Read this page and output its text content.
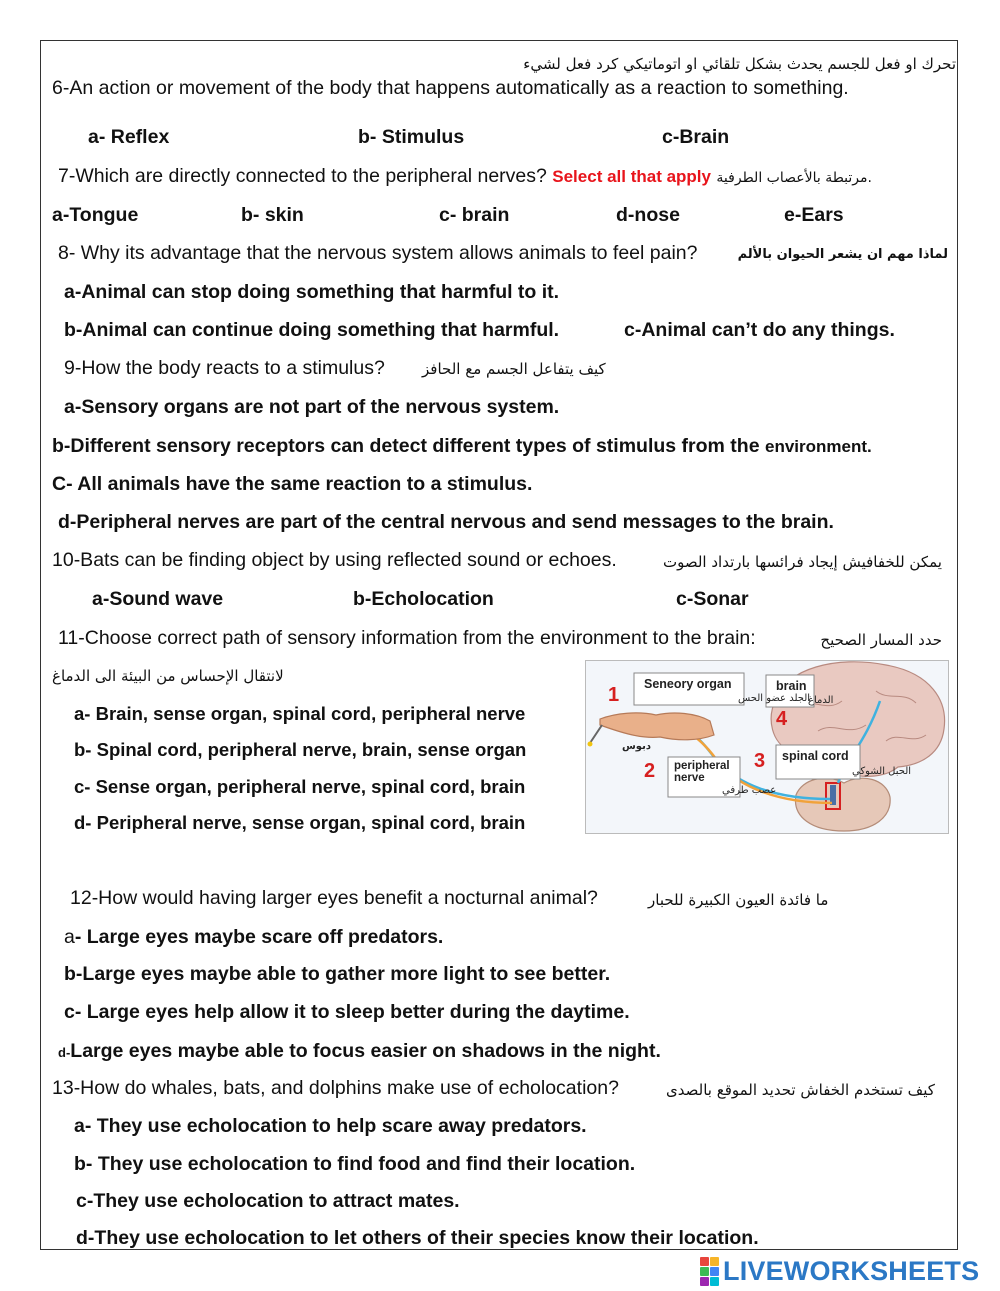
تحرك او فعل للجسم يحدث بشكل تلقائي او اتوماتيكي كرد فعل لشيء
6-An action or movement of the body that happens automatically as a reaction to something.
a- Reflex	b- Stimulus	c-Brain
7-Which are directly connected to the peripheral nerves? Select all that apply .مرتبطة بالأعصاب الطرفية
a-Tongue	b- skin	c- brain	d-nose	e-Ears
8- Why its advantage that the nervous system allows animals to feel pain?	لماذا مهم ان يشعر الحيوان بالألم
a-Animal can stop doing something that harmful to it.
b-Animal can continue doing something that harmful.	c-Animal can’t do any things.
9-How the body reacts to a stimulus? كيف يتفاعل الجسم مع الحافز
a-Sensory organs are not part of the nervous system.
b-Different sensory receptors can detect different types of stimulus from the environment.
C- All animals have the same reaction to a stimulus.
d-Peripheral nerves are part of the central nervous and send messages to the brain.
10-Bats can be finding object by using reflected sound or echoes.	يمكن للخفافيش إيجاد فرائسها بارتداد الصوت
a-Sound wave	b-Echolocation	c-Sonar
11-Choose correct path of sensory information from the environment to the brain:	حدد المسار الصحيح
لانتقال الإحساس من البيئة الى الدماغ
a- Brain, sense organ, spinal cord, peripheral nerve
b- Spinal cord, peripheral nerve, brain, sense organ
c- Sense organ, peripheral nerve, spinal cord, brain
d- Peripheral nerve, sense organ, spinal cord, brain
1 Seneory organ
الجلد عضو الحس
brain
الدماغ
4
2 peripheral
nerve
عصب طرفي
3 spinal cord
الحبل الشوكي
دبوس
12-How would having larger eyes benefit a nocturnal animal?	ما فائدة العيون الكبيرة للحبار
a- Large eyes maybe scare off predators.
b-Large eyes maybe able to gather more light to see better.
c- Large eyes help allow it to sleep better during the daytime.
d-Large eyes maybe able to focus easier on shadows in the night.
13-How do whales, bats, and dolphins make use of echolocation?	كيف تستخدم الخفاش تحديد الموقع بالصدى
a- They use echolocation to help scare away predators.
b- They use echolocation to find food and find their location.
c-They use echolocation to attract mates.
d-They use echolocation to let others of their species know their location.
LIVEWORKSHEETS
